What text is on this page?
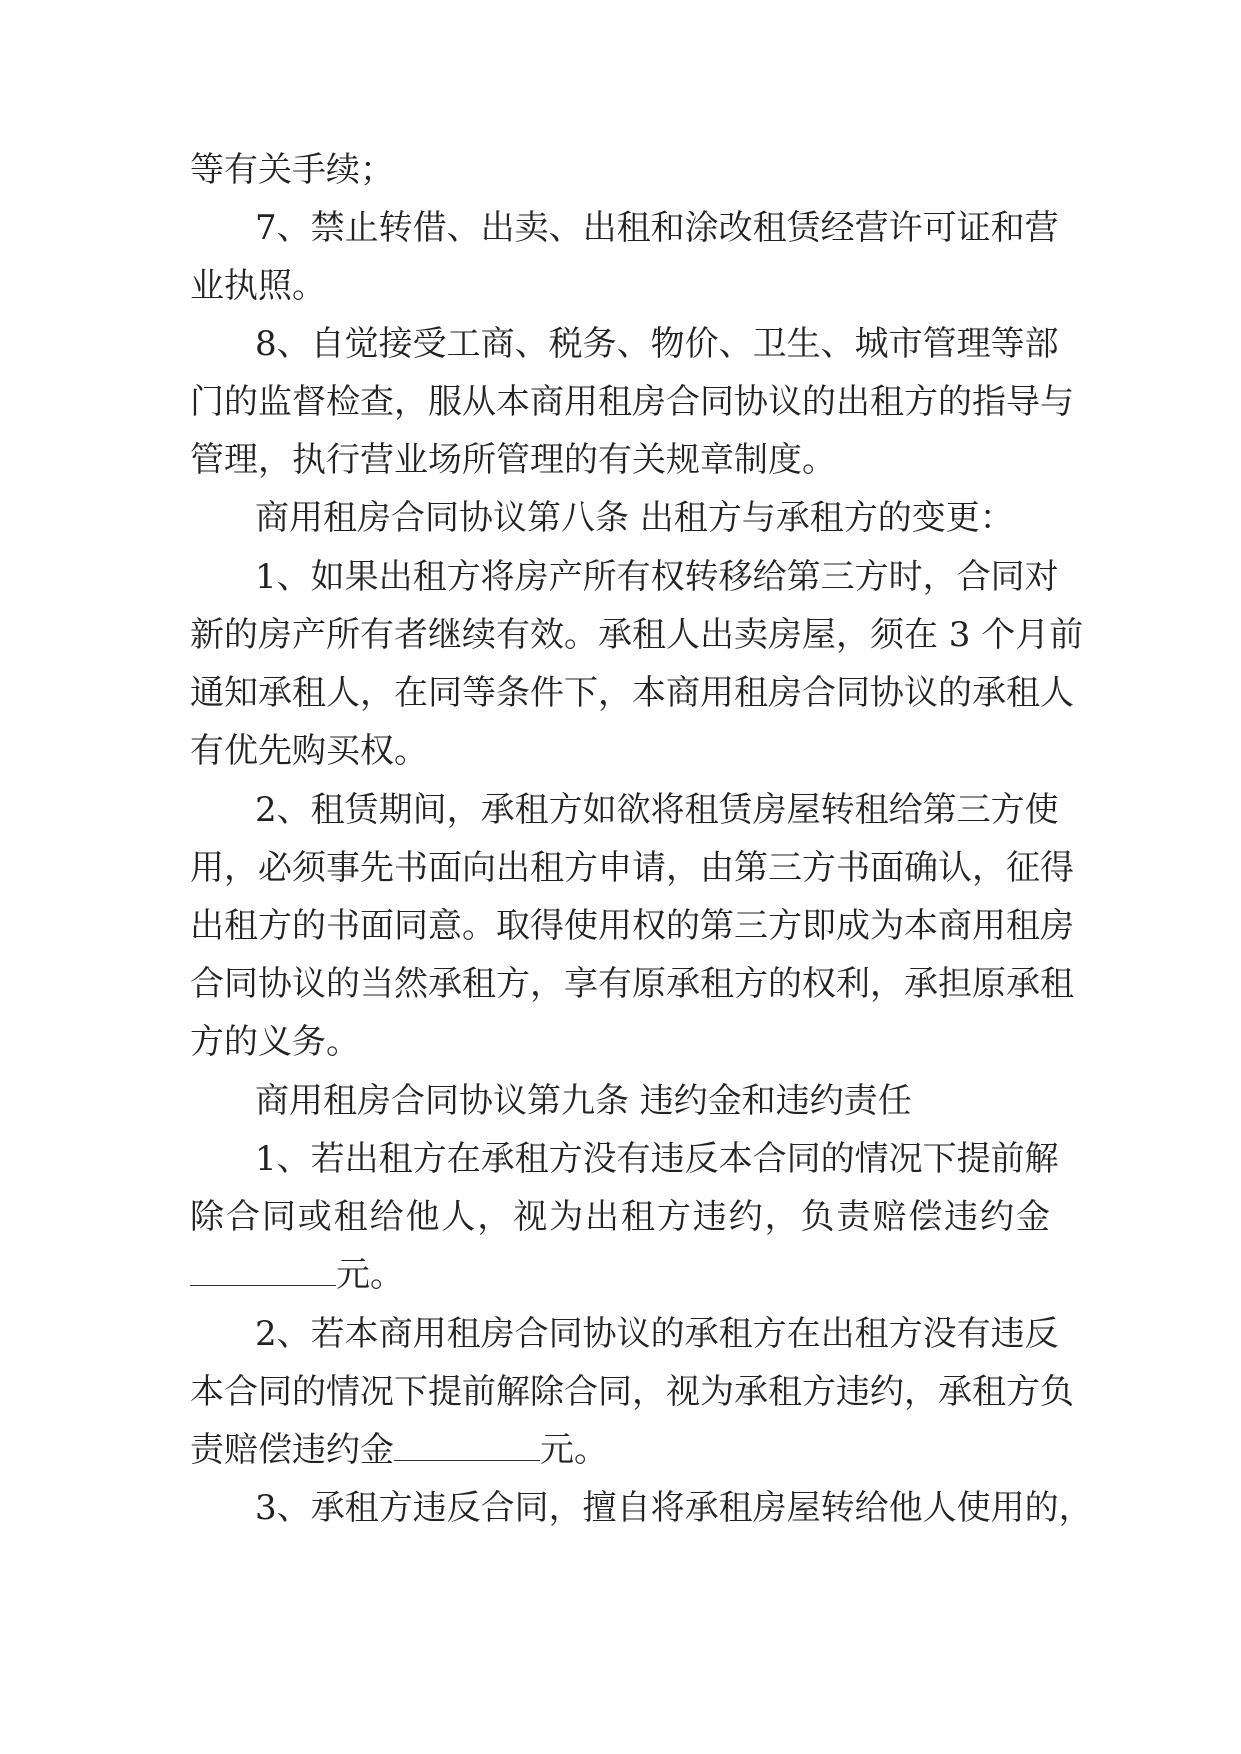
等有关手续；

7、禁止转借、出卖、出租和涂改租赁经营许可证和营

业执照。

8、自觉接受工商、税务、物价、卫生、城市管理等部

门的监督检查，服从本商用租房合同协议的出租方的指导与

管理，执行营业场所管理的有关规章制度。

商用租房合同协议第八条 出租方与承租方的变更：

1、如果出租方将房产所有权转移给第三方时，合同对

新的房产所有者继续有效。承租人出卖房屋，须在 3 个月前

通知承租人，在同等条件下，本商用租房合同协议的承租人

有优先购买权。

2、租赁期间，承租方如欲将租赁房屋转租给第三方使

用，必须事先书面向出租方申请，由第三方书面确认，征得

出租方的书面同意。取得使用权的第三方即成为本商用租房

合同协议的当然承租方，享有原承租方的权利，承担原承租

方的义务。

商用租房合同协议第九条 违约金和违约责任

1、若出租方在承租方没有违反本合同的情况下提前解

除合同或租给他人，视为出租方违约，负责赔偿违约金

元。

2、若本商用租房合同协议的承租方在出租方没有违反

本合同的情况下提前解除合同，视为承租方违约，承租方负

责赔偿违约金	元。

3、承租方违反合同，擅自将承租房屋转给他人使用的，
